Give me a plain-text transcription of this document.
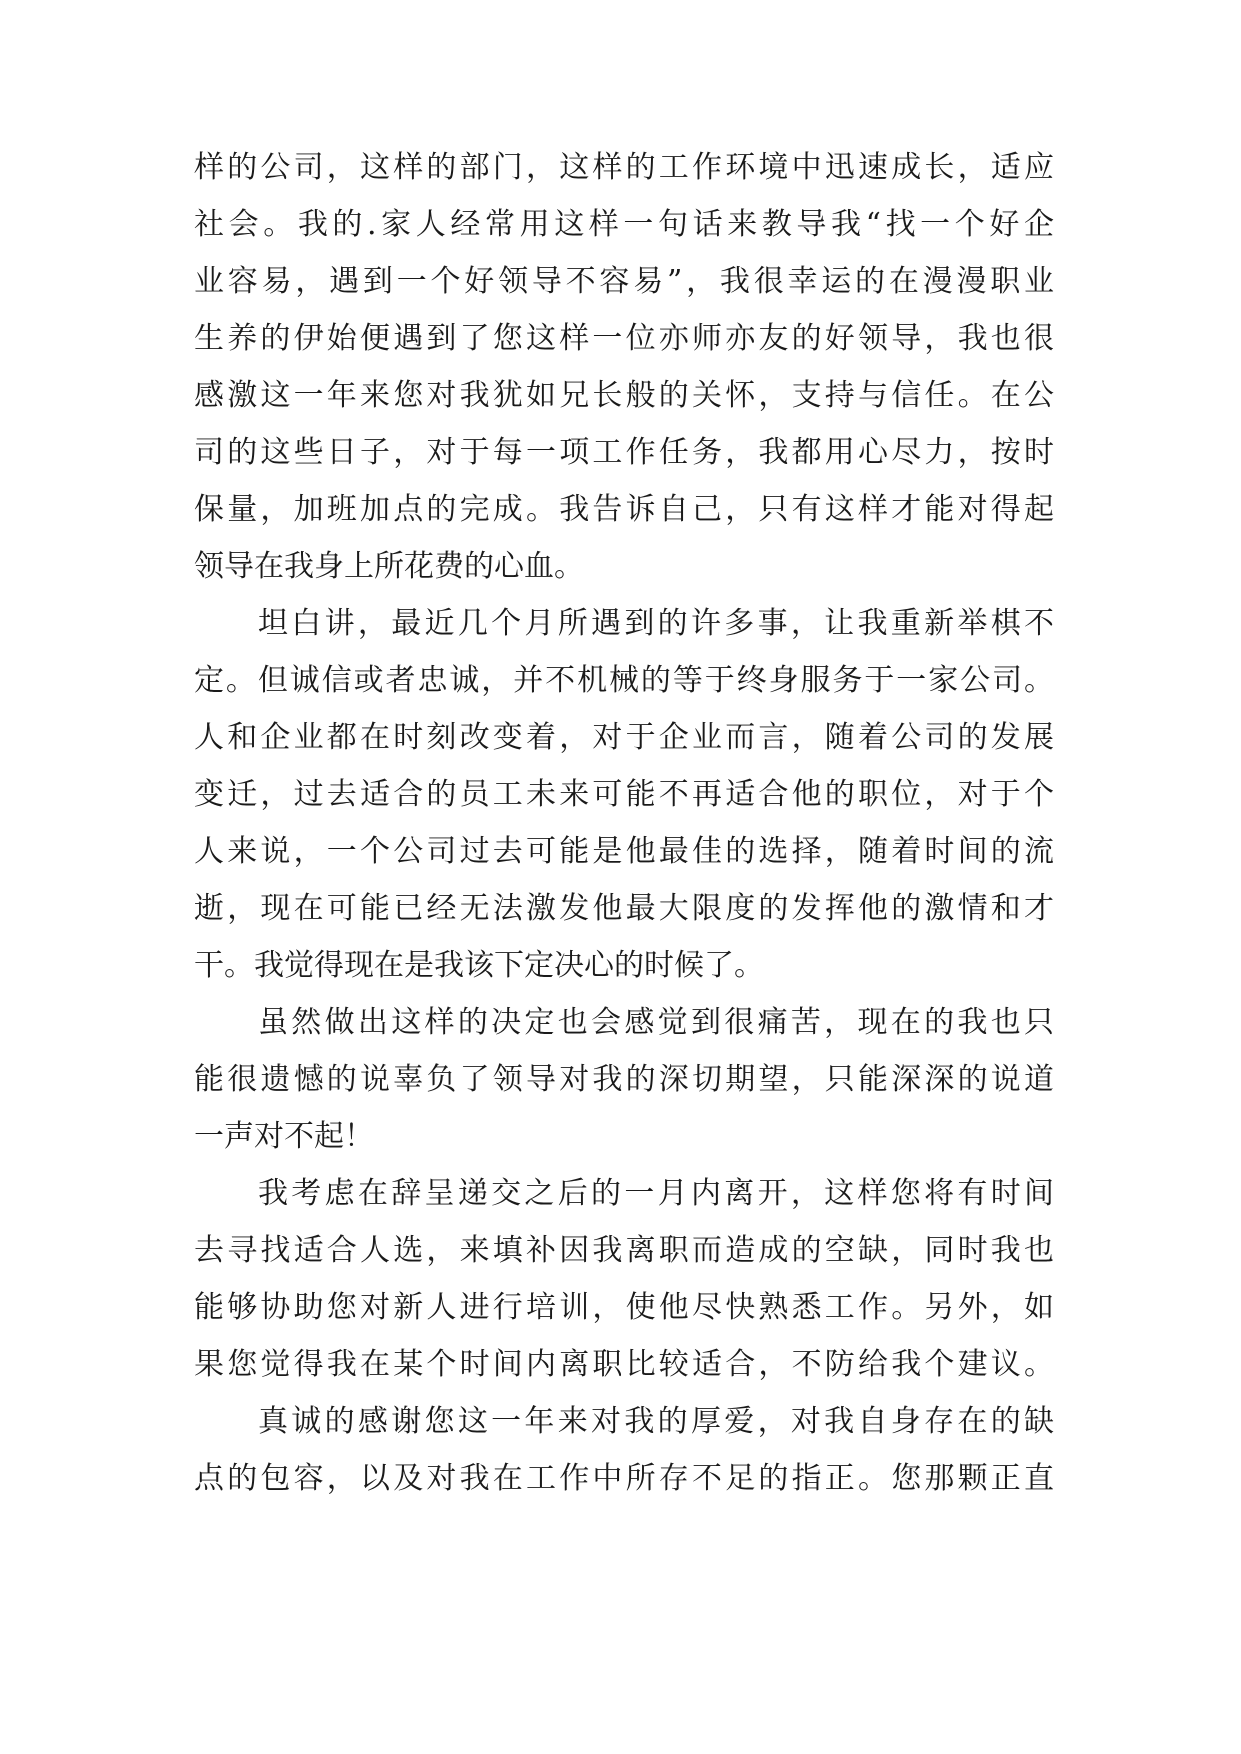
样的公司，这样的部门，这样的工作环境中迅速成长，适应
社会。我的.家人经常用这样一句话来教导我“找一个好企
业容易，遇到一个好领导不容易”，我很幸运的在漫漫职业
生养的伊始便遇到了您这样一位亦师亦友的好领导，我也很
感激这一年来您对我犹如兄长般的关怀，支持与信任。在公
司的这些日子，对于每一项工作任务，我都用心尽力，按时
保量，加班加点的完成。我告诉自己，只有这样才能对得起
领导在我身上所花费的心血。
坦白讲，最近几个月所遇到的许多事，让我重新举棋不
定。但诚信或者忠诚，并不机械的等于终身服务于一家公司。
人和企业都在时刻改变着，对于企业而言，随着公司的发展
变迁，过去适合的员工未来可能不再适合他的职位，对于个
人来说，一个公司过去可能是他最佳的选择，随着时间的流
逝，现在可能已经无法激发他最大限度的发挥他的激情和才
干。我觉得现在是我该下定决心的时候了。
虽然做出这样的决定也会感觉到很痛苦，现在的我也只
能很遗憾的说辜负了领导对我的深切期望，只能深深的说道
一声对不起！
我考虑在辞呈递交之后的一月内离开，这样您将有时间
去寻找适合人选，来填补因我离职而造成的空缺，同时我也
能够协助您对新人进行培训，使他尽快熟悉工作。另外，如
果您觉得我在某个时间内离职比较适合，不防给我个建议。
真诚的感谢您这一年来对我的厚爱，对我自身存在的缺
点的包容，以及对我在工作中所存不足的指正。您那颗正直
